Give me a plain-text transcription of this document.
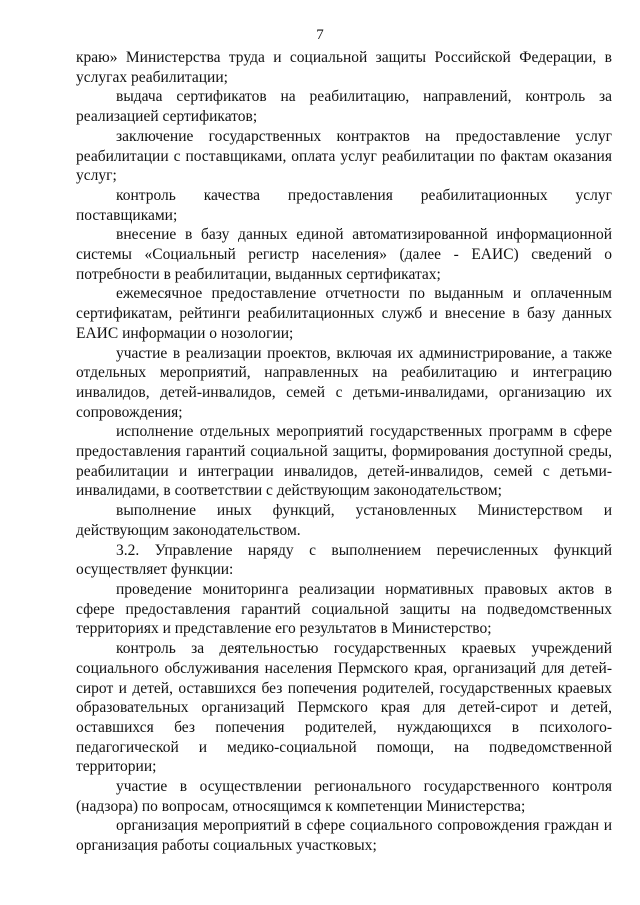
7

краю» Министерства труда и социальной защиты Российской Федерации, в услугах реабилитации;

выдача сертификатов на реабилитацию, направлений, контроль за реализацией сертификатов;

заключение государственных контрактов на предоставление услуг реабилитации с поставщиками, оплата услуг реабилитации по фактам оказания услуг;

контроль качества предоставления реабилитационных услуг поставщиками;

внесение в базу данных единой автоматизированной информационной системы «Социальный регистр населения» (далее - ЕАИС) сведений о потребности в реабилитации, выданных сертификатах;

ежемесячное предоставление отчетности по выданным и оплаченным сертификатам, рейтинги реабилитационных служб и внесение в базу данных ЕАИС информации о нозологии;

участие в реализации проектов, включая их администрирование, а также отдельных мероприятий, направленных на реабилитацию и интеграцию инвалидов, детей-инвалидов, семей с детьми-инвалидами, организацию их сопровождения;

исполнение отдельных мероприятий государственных программ в сфере предоставления гарантий социальной защиты, формирования доступной среды, реабилитации и интеграции инвалидов, детей-инвалидов, семей с детьми-инвалидами, в соответствии с действующим законодательством;

выполнение иных функций, установленных Министерством и действующим законодательством.

3.2. Управление наряду с выполнением перечисленных функций осуществляет функции:

проведение мониторинга реализации нормативных правовых актов в сфере предоставления гарантий социальной защиты на подведомственных территориях и представление его результатов в Министерство;

контроль за деятельностью государственных краевых учреждений социального обслуживания населения Пермского края, организаций для детей-сирот и детей, оставшихся без попечения родителей, государственных краевых образовательных организаций Пермского края для детей-сирот и детей, оставшихся без попечения родителей, нуждающихся в психолого-педагогической и медико-социальной помощи, на подведомственной территории;

участие в осуществлении регионального государственного контроля (надзора) по вопросам, относящимся к компетенции Министерства;

организация мероприятий в сфере социального сопровождения граждан и организация работы социальных участковых;
